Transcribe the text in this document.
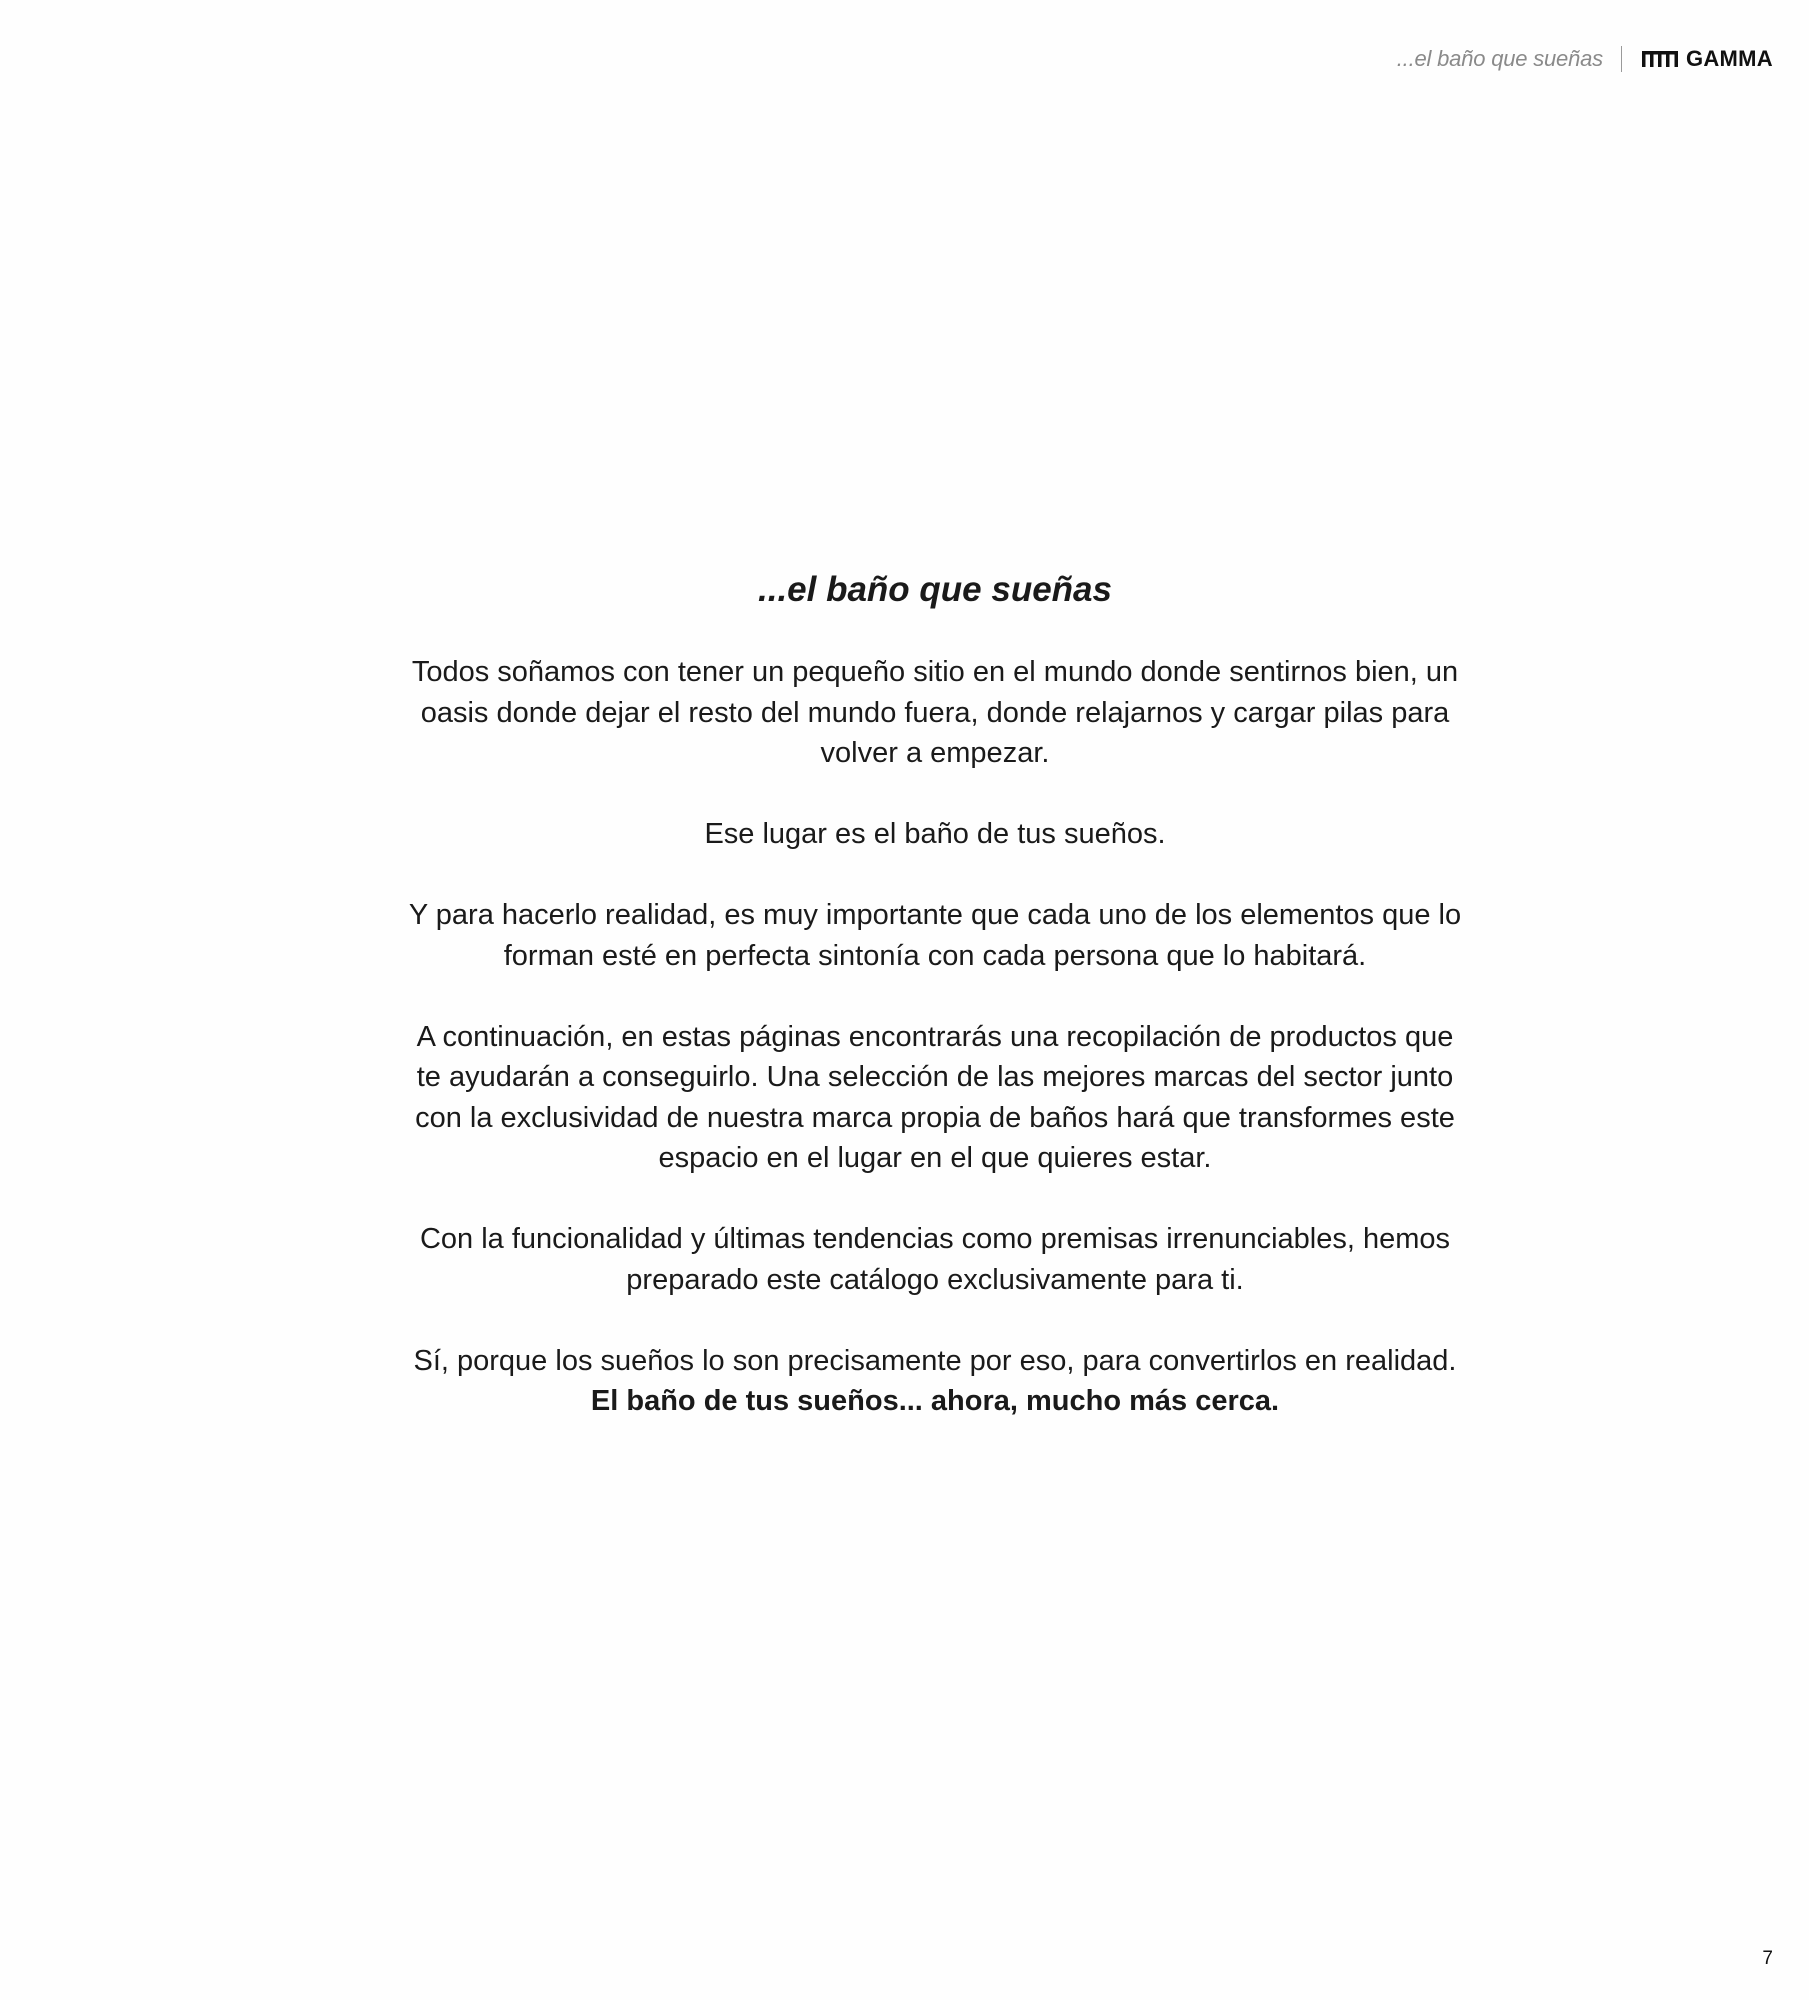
...el baño que sueñas	GAMMA
...el baño que sueñas

Todos soñamos con tener un pequeño sitio en el mundo donde sentirnos bien, un oasis donde dejar el resto del mundo fuera, donde relajarnos y cargar pilas para volver a empezar.

Ese lugar es el baño de tus sueños.

Y para hacerlo realidad, es muy importante que cada uno de los elementos que lo forman esté en perfecta sintonía con cada persona que lo habitará.

A continuación, en estas páginas encontrarás una recopilación de productos que te ayudarán a conseguirlo. Una selección de las mejores marcas del sector junto con la exclusividad de nuestra marca propia de baños hará que transformes este espacio en el lugar en el que quieres estar.

Con la funcionalidad y últimas tendencias como premisas irrenunciables, hemos preparado este catálogo exclusivamente para ti.

Sí, porque los sueños lo son precisamente por eso, para convertirlos en realidad. El baño de tus sueños... ahora, mucho más cerca.

7
